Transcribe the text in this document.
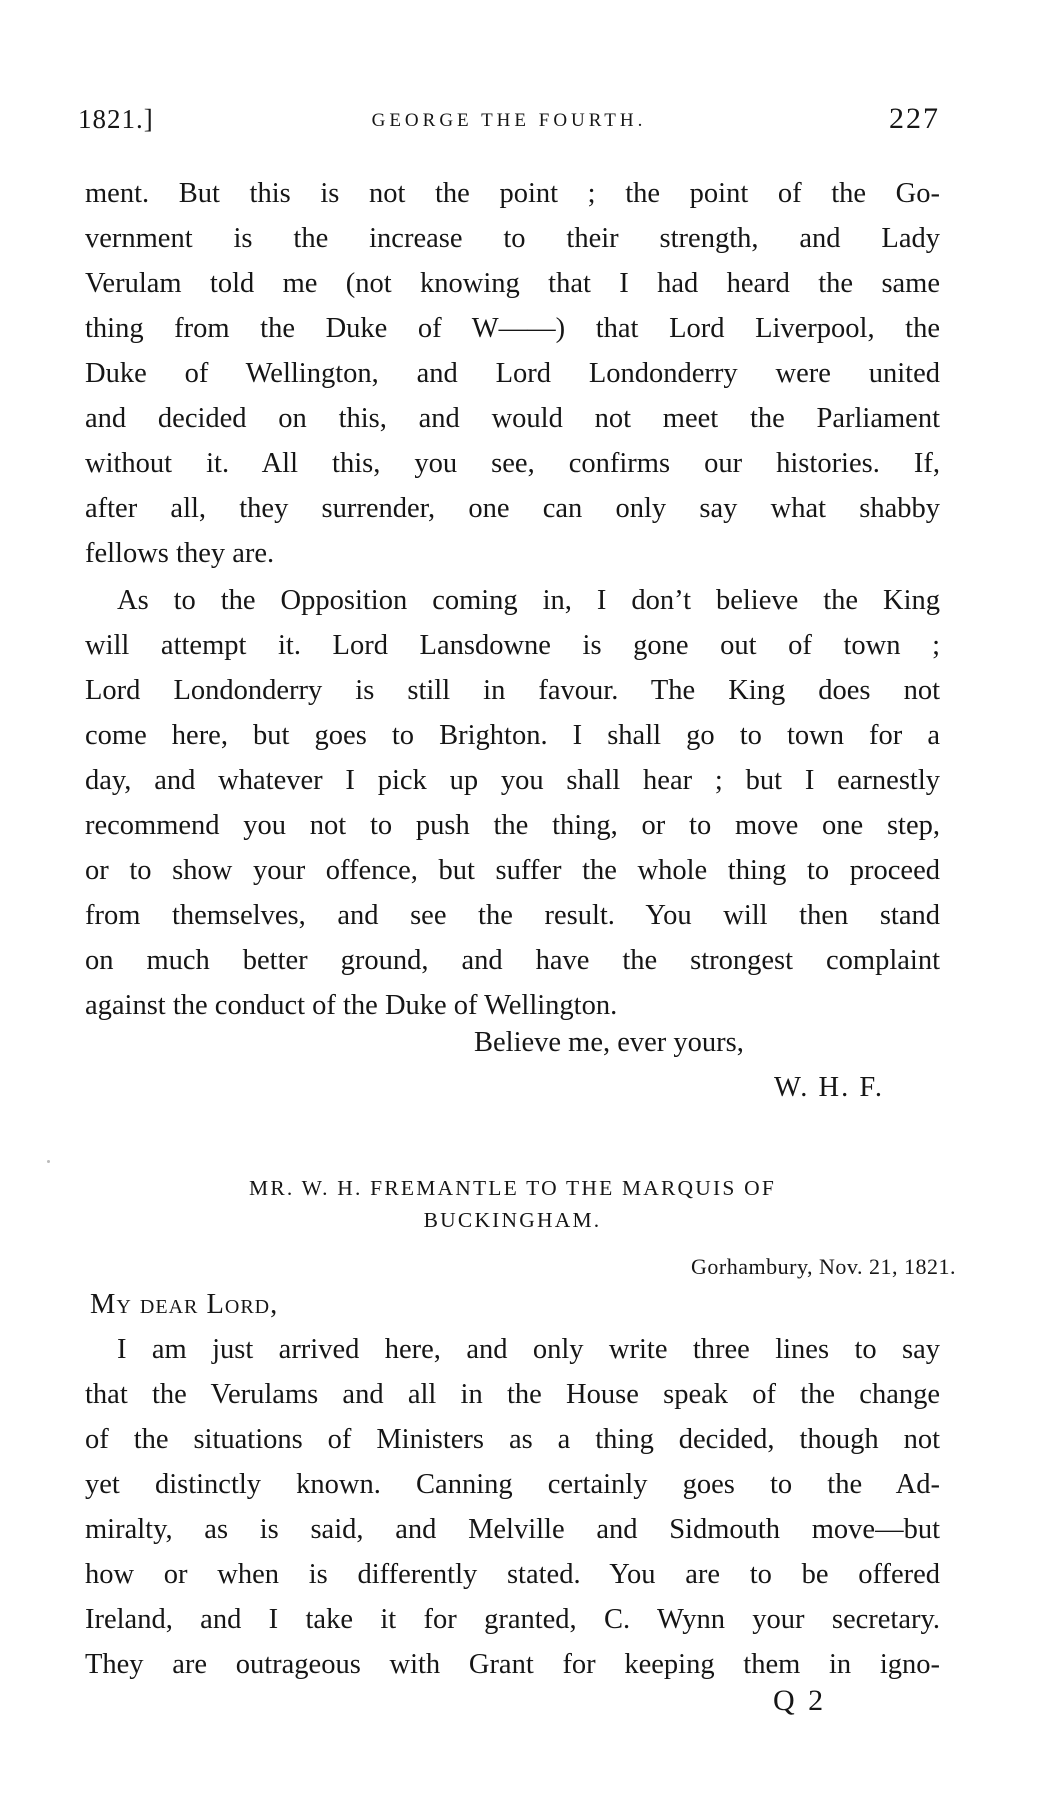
1821.]	GEORGE THE FOURTH.	227
ment. But this is not the point ; the point of the Go-
vernment is the increase to their strength, and Lady
Verulam told me (not knowing that I had heard the same
thing from the Duke of W——) that Lord Liverpool, the
Duke of Wellington, and Lord Londonderry were united
and decided on this, and would not meet the Parliament
without it. All this, you see, confirms our histories. If,
after all, they surrender, one can only say what shabby
fellows they are.
As to the Opposition coming in, I don’t believe the King
will attempt it. Lord Lansdowne is gone out of town ;
Lord Londonderry is still in favour. The King does not
come here, but goes to Brighton. I shall go to town for a
day, and whatever I pick up you shall hear ; but I earnestly
recommend you not to push the thing, or to move one step,
or to show your offence, but suffer the whole thing to proceed
from themselves, and see the result. You will then stand
on much better ground, and have the strongest complaint
against the conduct of the Duke of Wellington.
Believe me, ever yours,
W. H. F.
MR. W. H. FREMANTLE TO THE MARQUIS OF
BUCKINGHAM.
Gorhambury, Nov. 21, 1821.
My dear Lord,
I am just arrived here, and only write three lines to say
that the Verulams and all in the House speak of the change
of the situations of Ministers as a thing decided, though not
yet distinctly known. Canning certainly goes to the Ad-
miralty, as is said, and Melville and Sidmouth move—but
how or when is differently stated. You are to be offered
Ireland, and I take it for granted, C. Wynn your secretary.
They are outrageous with Grant for keeping them in igno-
Q 2
